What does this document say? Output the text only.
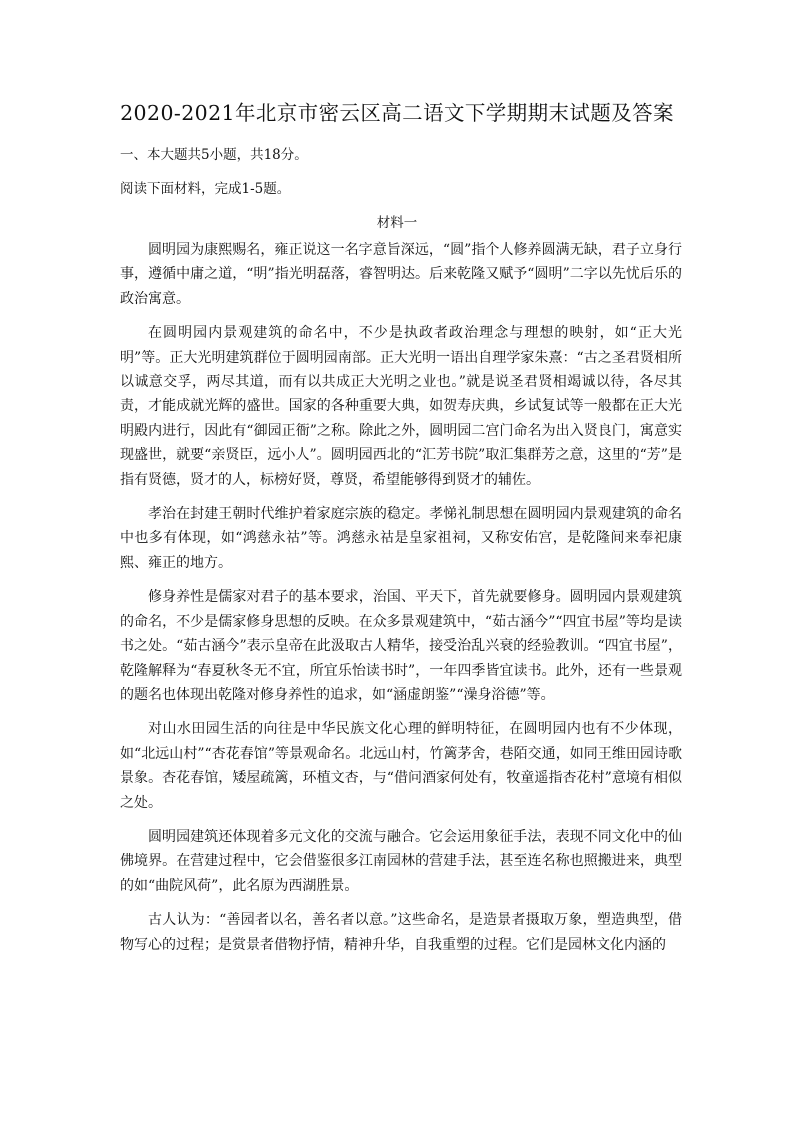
2020-2021年北京市密云区高二语文下学期期末试题及答案
一、本大题共5小题，共18分。
阅读下面材料，完成1-5题。
材料一

圆明园为康熙赐名，雍正说这一名字意旨深远，“圆”指个人修养圆满无缺，君子立身行事，遵循中庸之道，“明”指光明磊落，睿智明达。后来乾隆又赋予“圆明”二字以先忧后乐的政治寓意。

在圆明园内景观建筑的命名中，不少是执政者政治理念与理想的映射，如“正大光明”等。正大光明建筑群位于圆明园南部。正大光明一语出自理学家朱熹：“古之圣君贤相所以诚意交孚，两尽其道，而有以共成正大光明之业也。”就是说圣君贤相竭诚以待，各尽其责，才能成就光辉的盛世。国家的各种重要大典，如贺寿庆典，乡试复试等一般都在正大光明殿内进行，因此有“御园正衙”之称。除此之外，圆明园二宫门命名为出入贤良门，寓意实现盛世，就要“亲贤臣，远小人”。圆明园西北的“汇芳书院”取汇集群芳之意，这里的“芳”是指有贤德，贤才的人，标榜好贤，尊贤，希望能够得到贤才的辅佐。

孝治在封建王朝时代维护着家庭宗族的稳定。孝悌礼制思想在圆明园内景观建筑的命名中也多有体现，如“鸿慈永祜”等。鸿慈永祜是皇家祖祠，又称安佑宫，是乾隆间来奉祀康熙、雍正的地方。

修身养性是儒家对君子的基本要求，治国、平天下，首先就要修身。圆明园内景观建筑的命名，不少是儒家修身思想的反映。在众多景观建筑中，“茹古涵今”“四宜书屋”等均是读书之处。“茹古涵今”表示皇帝在此汲取古人精华，接受治乱兴衰的经验教训。“四宜书屋”，乾隆解释为“春夏秋冬无不宜，所宜乐怡读书时”，一年四季皆宜读书。此外，还有一些景观的题名也体现出乾隆对修身养性的追求，如“涵虚朗鉴”“澡身浴德”等。

对山水田园生活的向往是中华民族文化心理的鲜明特征，在圆明园内也有不少体现，如“北远山村”“杏花春馆”等景观命名。北远山村，竹篱茅舍，巷陌交通，如同王维田园诗歌景象。杏花春馆，矮屋疏篱，环植文杏，与“借问酒家何处有，牧童遥指杏花村”意境有相似之处。

圆明园建筑还体现着多元文化的交流与融合。它会运用象征手法，表现不同文化中的仙佛境界。在营建过程中，它会借鉴很多江南园林的营建手法，甚至连名称也照搬进来，典型的如“曲院风荷”，此名原为西湖胜景。

古人认为：“善园者以名，善名者以意。”这些命名，是造景者摄取万象，塑造典型，借物写心的过程；是赏景者借物抒情，精神升华，自我重塑的过程。它们是园林文化内涵的
